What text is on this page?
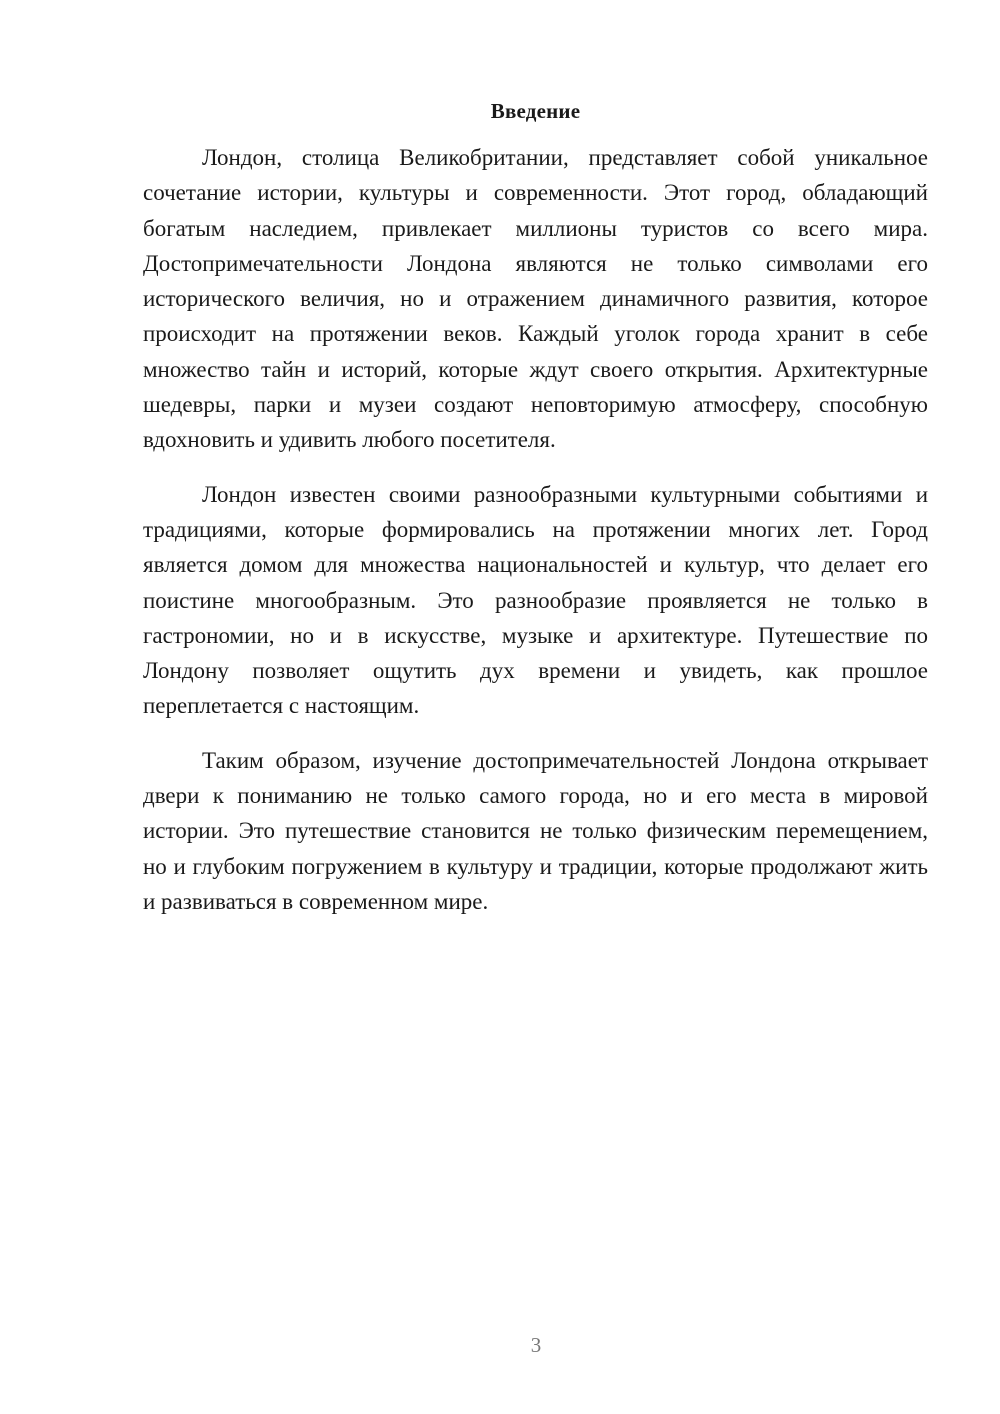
Введение

Лондон, столица Великобритании, представляет собой уникальное сочетание истории, культуры и современности. Этот город, обладающий богатым наследием, привлекает миллионы туристов со всего мира. Достопримечательности Лондона являются не только символами его исторического величия, но и отражением динамичного развития, которое происходит на протяжении веков. Каждый уголок города хранит в себе множество тайн и историй, которые ждут своего открытия. Архитектурные шедевры, парки и музеи создают неповторимую атмосферу, способную вдохновить и удивить любого посетителя.

Лондон известен своими разнообразными культурными событиями и традициями, которые формировались на протяжении многих лет. Город является домом для множества национальностей и культур, что делает его поистине многообразным. Это разнообразие проявляется не только в гастрономии, но и в искусстве, музыке и архитектуре. Путешествие по Лондону позволяет ощутить дух времени и увидеть, как прошлое переплетается с настоящим.

Таким образом, изучение достопримечательностей Лондона открывает двери к пониманию не только самого города, но и его места в мировой истории. Это путешествие становится не только физическим перемещением, но и глубоким погружением в культуру и традиции, которые продолжают жить и развиваться в современном мире.

3
